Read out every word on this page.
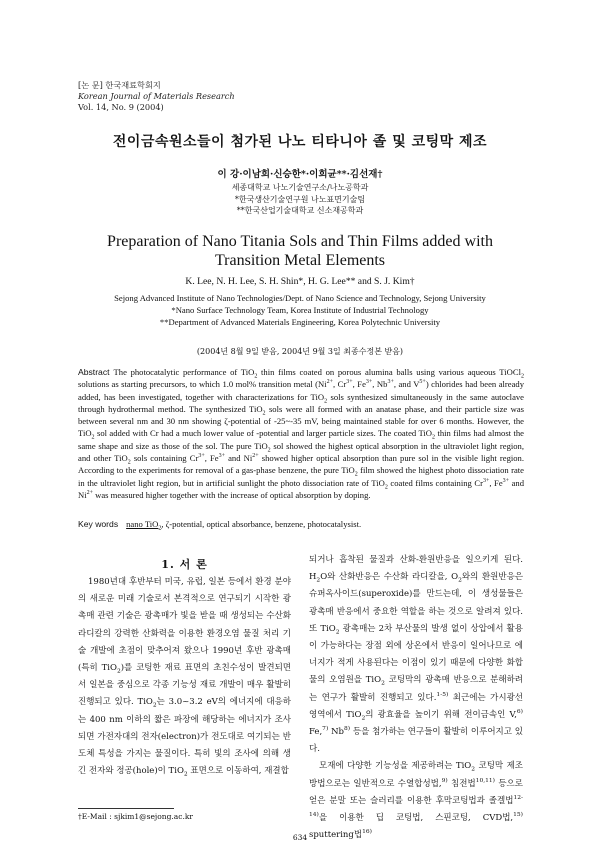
[논 문] 한국재료학회지
Korean Journal of Materials Research
Vol. 14, No. 9 (2004)
전이금속원소들이 첨가된 나노 티타니아 졸 및 코팅막 제조
이 강·이남희·신승한*·이희균**·김선재†
세종대학교 나노기술연구소/나노공학과
*한국생산기술연구원 나노표면기술팀
**한국산업기술대학교 신소재공학과
Preparation of Nano Titania Sols and Thin Films added with
Transition Metal Elements
K. Lee, N. H. Lee, S. H. Shin*, H. G. Lee** and S. J. Kim†
Sejong Advanced Institute of Nano Technologies/Dept. of Nano Science and Technology, Sejong University
*Nano Surface Technology Team, Korea Institute of Industrial Technology
**Department of Advanced Materials Engineering, Korea Polytechnic University
(2004년 8월 9일 받음, 2004년 9월 3일 최종수정본 받음)
Abstract The photocatalytic performance of TiO$_2$ thin films coated on porous alumina balls using various aqueous TiOCl$_2$ solutions as starting precursors, to which 1.0 mol% transition metal ($Ni^{2+}$, $Cr^{3+}$, $Fe^{3+}$, $Nb^{3+}$, and $V^{5+}$) chlorides had been already added, has been investigated, together with characterizations for TiO$_2$ sols synthesized simultaneously in the same autoclave through hydrothermal method. The synthesized TiO$_2$ sols were all formed with an anatase phase, and their particle size was between several nm and 30 nm showing ζ-potential of -25~-35 mV, being maintained stable for over 6 months. However, the TiO$_2$ sol added with Cr had a much lower value of -potential and larger particle sizes. The coated TiO$_2$ thin films had almost the same shape and size as those of the sol. The pure TiO$_2$ sol showed the highest optical absorption in the ultraviolet light region, and other TiO$_2$ sols containing $Cr^{3+}$, $Fe^{3+}$ and $Ni^{2+}$ showed higher optical absorption than pure sol in the visible light region. According to the experiments for removal of a gas-phase benzene, the pure TiO$_2$ film showed the highest photo dissociation rate in the ultraviolet light region, but in artificial sunlight the photo dissociation rate of TiO$_2$ coated films containing $Cr^{3+}$, $Fe^{3+}$ and $Ni^{2+}$ was measured higher together with the increase of optical absorption by doping.
Key words nano TiO$_2$, ζ-potential, optical absorbance, benzene, photocatalysist.
1. 서 론

1980년대 후반부터 미국, 유럽, 일본 등에서 환경 분야의 새로운 미래 기술로서 본격적으로 연구되기 시작한 광촉매 관련 기술은 광촉매가 빛을 받을 때 생성되는 수산화 라디칼의 강력한 산화력을 이용한 환경오염 물질 처리 기술 개발에 초점이 맞추어져 왔으나 1990년 후반 광촉매(특히 TiO$_2$)를 코팅한 재료 표면의 초친수성이 발견되면서 일본을 중심으로 각종 기능성 재료 개발이 매우 활발히 진행되고 있다. TiO$_2$는 3.0~3.2 eV의 에너지에 대응하는 400 nm 이하의 짧은 파장에 해당하는 에너지가 조사되면 가전자대의 전자(electron)가 전도대로 여기되는 반도체 특성을 가지는 물질이다. 특히 빛의 조사에 의해 생긴 전자와 정공(hole)이 TiO$_2$ 표면으로 이동하여, 재결합

되거나 흡착된 물질과 산화-환원반응을 일으키게 된다. $H_2O$와 산화반응은 수산화 라디칼을, $O_2$와의 환원반응은 슈퍼옥사이드(superoxide)를 만드는데, 이 생성물들은 광촉매 반응에서 중요한 역할을 하는 것으로 알려져 있다. 또 TiO$_2$ 광촉매는 2차 부산물의 발생 없이 상압에서 활용이 가능하다는 장점 외에 상온에서 반응이 일어나므로 에너지가 적게 사용된다는 이점이 있기 때문에 다양한 화합물의 오염원을 TiO$_2$ 코팅막의 광촉매 반응으로 분해하려는 연구가 활발히 진행되고 있다.$^{1-5)}$ 최근에는 가시광선 영역에서 TiO$_2$의 광효율을 높이기 위해 전이금속인 V,$^{6)}$ Fe,$^{7)}$ Nb$^{8)}$ 등을 첨가하는 연구들이 활발히 이루어지고 있다.

모재에 다양한 기능성을 제공하려는 TiO$_2$ 코팅막 제조방법으로는 일반적으로 수열합성법,$^{9)}$ 침전법$^{10,11)}$ 등으로 얻은 분말 또는 슬러리를 이용한 후막코팅법과 졸겔법$^{12-14)}$을 이용한 딥 코팅법, 스핀코팅, CVD법,$^{15)}$ sputtering법$^{16)}$

†E-Mail : sjkim1@sejong.ac.kr
634
